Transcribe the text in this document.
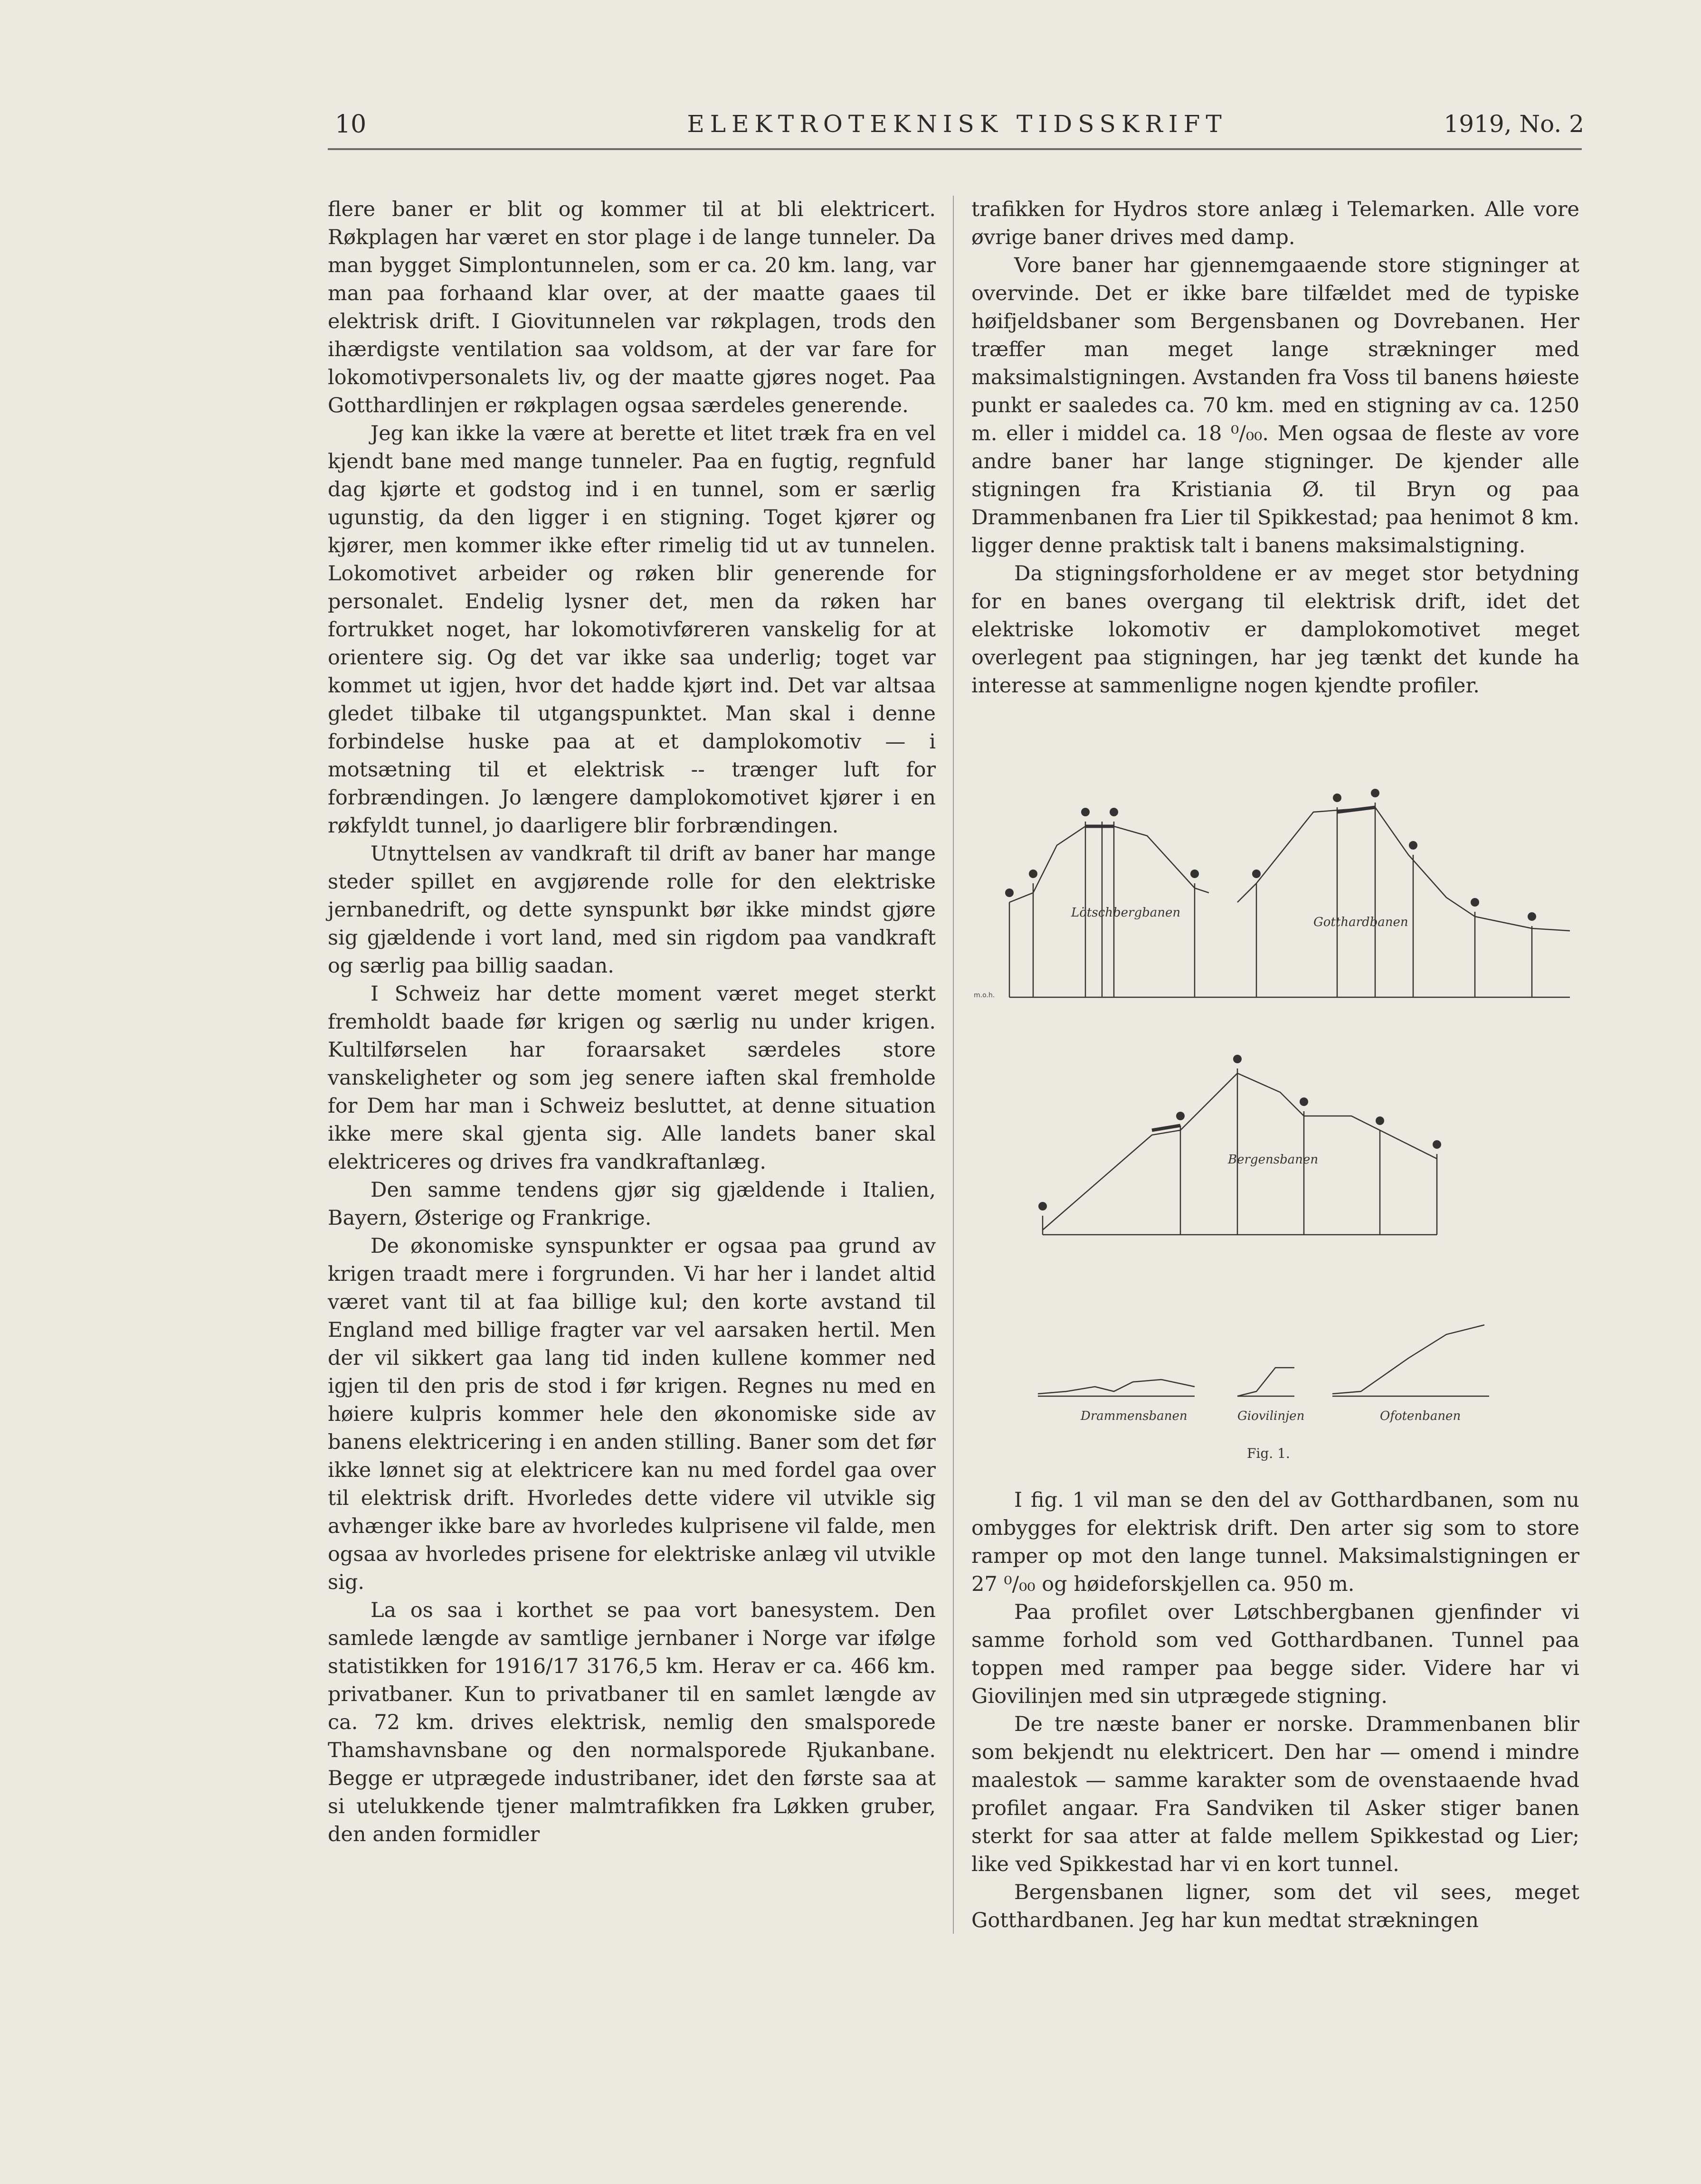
10	ELEKTROTEKNISK TIDSSKRIFT	1919, No. 2

flere baner er blit og kommer til at bli elektricert. Røkplagen har været en stor plage i de lange tunneler. Da man bygget Simplontunnelen, som er ca. 20 km. lang, var man paa forhaand klar over, at der maatte gaaes til elektrisk drift. I Giovitunnelen var røkplagen, trods den ihærdigste ventilation saa voldsom, at der var fare for lokomotivpersonalets liv, og der maatte gjøres noget. Paa Gotthardlinjen er røkplagen ogsaa særdeles generende.

Jeg kan ikke la være at berette et litet træk fra en vel kjendt bane med mange tunneler. Paa en fugtig, regnfuld dag kjørte et godstog ind i en tunnel, som er særlig ugunstig, da den ligger i en stigning. Toget kjører og kjører, men kommer ikke efter rimelig tid ut av tunnelen. Lokomotivet arbeider og røken blir generende for personalet. Endelig lysner det, men da røken har fortrukket noget, har lokomotivføreren vanskelig for at orientere sig. Og det var ikke saa underlig; toget var kommet ut igjen, hvor det hadde kjørt ind. Det var altsaa gledet tilbake til utgangspunktet. Man skal i denne forbindelse huske paa at et damplokomotiv — i motsætning til et elektrisk -- trænger luft for forbrændingen. Jo længere damplokomotivet kjører i en røkfyldt tunnel, jo daarligere blir forbrændingen.

Utnyttelsen av vandkraft til drift av baner har mange steder spillet en avgjørende rolle for den elektriske jernbanedrift, og dette synspunkt bør ikke mindst gjøre sig gjældende i vort land, med sin rigdom paa vandkraft og særlig paa billig saadan.

I Schweiz har dette moment været meget sterkt fremholdt baade før krigen og særlig nu under krigen. Kultilførselen har foraarsaket særdeles store vanskeligheter og som jeg senere iaften skal fremholde for Dem har man i Schweiz besluttet, at denne situation ikke mere skal gjenta sig. Alle landets baner skal elektriceres og drives fra vandkraftanlæg.

Den samme tendens gjør sig gjældende i Italien, Bayern, Østerige og Frankrige.

De økonomiske synspunkter er ogsaa paa grund av krigen traadt mere i forgrunden. Vi har her i landet altid været vant til at faa billige kul; den korte avstand til England med billige fragter var vel aarsaken hertil. Men der vil sikkert gaa lang tid inden kullene kommer ned igjen til den pris de stod i før krigen. Regnes nu med en høiere kulpris kommer hele den økonomiske side av banens elektricering i en anden stilling. Baner som det før ikke lønnet sig at elektricere kan nu med fordel gaa over til elektrisk drift. Hvorledes dette videre vil utvikle sig avhænger ikke bare av hvorledes kulprisene vil falde, men ogsaa av hvorledes prisene for elektriske anlæg vil utvikle sig.

La os saa i korthet se paa vort banesystem. Den samlede længde av samtlige jernbaner i Norge var ifølge statistikken for 1916/17 3176,5 km. Herav er ca. 466 km. privatbaner. Kun to privatbaner til en samlet længde av ca. 72 km. drives elektrisk, nemlig den smalsporede Thamshavnsbane og den normalsporede Rjukanbane. Begge er utprægede industribaner, idet den første saa at si utelukkende tjener malmtrafikken fra Løkken gruber, den anden formidler

trafikken for Hydros store anlæg i Telemarken. Alle vore øvrige baner drives med damp.

Vore baner har gjennemgaaende store stigninger at overvinde. Det er ikke bare tilfældet med de typiske høifjeldsbaner som Bergensbanen og Dovrebanen. Her træffer man meget lange strækninger med maksimalstigningen. Avstanden fra Voss til banens høieste punkt er saaledes ca. 70 km. med en stigning av ca. 1250 m. eller i middel ca. 18 ⁰/₀₀. Men ogsaa de fleste av vore andre baner har lange stigninger. De kjender alle stigningen fra Kristiania Ø. til Bryn og paa Drammenbanen fra Lier til Spikkestad; paa henimot 8 km. ligger denne praktisk talt i banens maksimalstigning.

Da stigningsforholdene er av meget stor betydning for en banes overgang til elektrisk drift, idet det elektriske lokomotiv er damplokomotivet meget overlegent paa stigningen, har jeg tænkt det kunde ha interesse at sammenligne nogen kjendte profiler.

Lötschbergbanen
Gotthardbanen
Bergensbanen
Drammensbanen	Giovilinjen	Ofotenbanen
m.o.h.
Fig. 1.

I fig. 1 vil man se den del av Gotthardbanen, som nu ombygges for elektrisk drift. Den arter sig som to store ramper op mot den lange tunnel. Maksimalstigningen er 27 ⁰/₀₀ og høideforskjellen ca. 950 m.

Paa profilet over Løtschbergbanen gjenfinder vi samme forhold som ved Gotthardbanen. Tunnel paa toppen med ramper paa begge sider. Videre har vi Giovilinjen med sin utprægede stigning.

De tre næste baner er norske. Drammenbanen blir som bekjendt nu elektricert. Den har — omend i mindre maalestok — samme karakter som de ovenstaaende hvad profilet angaar. Fra Sandviken til Asker stiger banen sterkt for saa atter at falde mellem Spikkestad og Lier; like ved Spikkestad har vi en kort tunnel.

Bergensbanen ligner, som det vil sees, meget Gotthardbanen. Jeg har kun medtat strækningen
